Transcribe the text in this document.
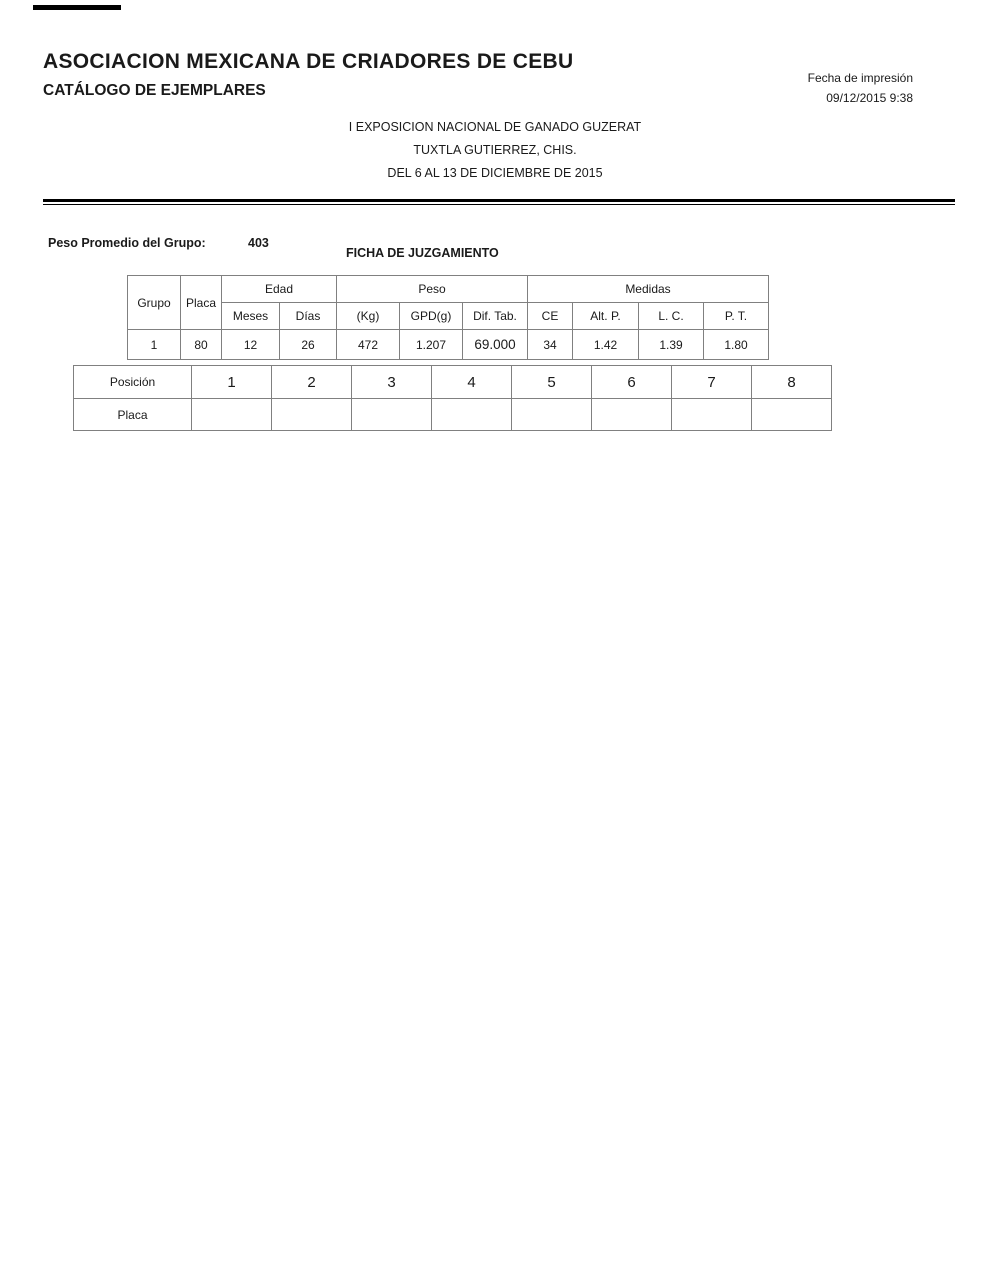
ASOCIACION MEXICANA DE CRIADORES DE CEBU
CATÁLOGO DE EJEMPLARES
Fecha de impresión
09/12/2015 9:38
I EXPOSICION NACIONAL DE GANADO GUZERAT
TUXTLA GUTIERREZ, CHIS.
DEL 6 AL 13 DE DICIEMBRE DE 2015
Peso Promedio del Grupo:	403
FICHA DE JUZGAMIENTO
Grupo	Placa	Edad		Peso			Medidas			
		Meses	Días	(Kg)	GPD(g)	Dif. Tab.	CE	Alt. P.	L. C.	P. T.
1	80	12	26	472	1.207	69.000	34	1.42	1.39	1.80
Posición	1	2	3	4	5	6	7	8
Placa								
